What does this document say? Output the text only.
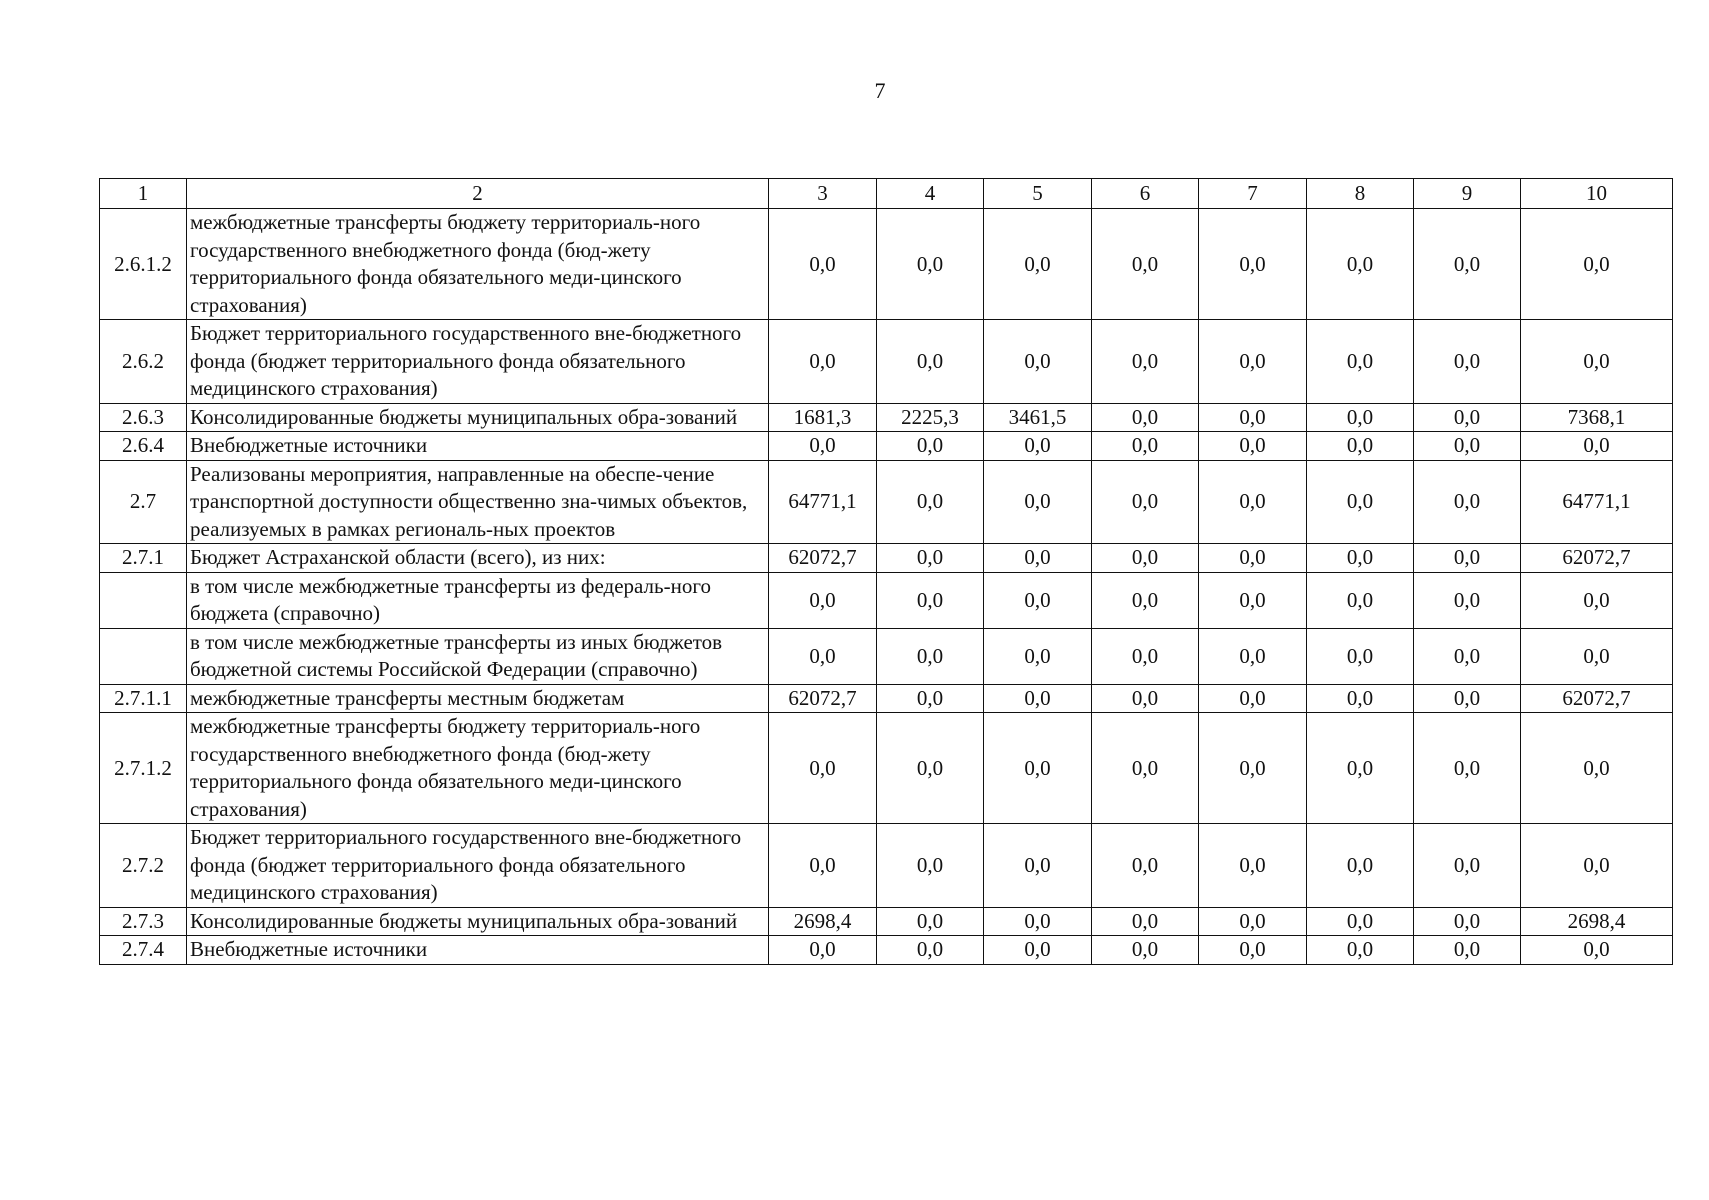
7
1	2	3	4	5	6	7	8	9	10
2.6.1.2	межбюджетные трансферты бюджету территориаль-ного государственного внебюджетного фонда (бюд-жету территориального фонда обязательного меди-цинского страхования)	0,0	0,0	0,0	0,0	0,0	0,0	0,0	0,0
2.6.2	Бюджет территориального государственного вне-бюджетного фонда (бюджет территориального фонда обязательного медицинского страхования)	0,0	0,0	0,0	0,0	0,0	0,0	0,0	0,0
2.6.3	Консолидированные бюджеты муниципальных обра-зований	1681,3	2225,3	3461,5	0,0	0,0	0,0	0,0	7368,1
2.6.4	Внебюджетные источники	0,0	0,0	0,0	0,0	0,0	0,0	0,0	0,0
2.7	Реализованы мероприятия, направленные на обеспе-чение транспортной доступности общественно зна-чимых объектов, реализуемых в рамках региональ-ных проектов	64771,1	0,0	0,0	0,0	0,0	0,0	0,0	64771,1
2.7.1	Бюджет Астраханской области (всего), из них:	62072,7	0,0	0,0	0,0	0,0	0,0	0,0	62072,7
	в том числе межбюджетные трансферты из федераль-ного бюджета (справочно)	0,0	0,0	0,0	0,0	0,0	0,0	0,0	0,0
	в том числе межбюджетные трансферты из иных бюджетов бюджетной системы Российской Федерации (справочно)	0,0	0,0	0,0	0,0	0,0	0,0	0,0	0,0
2.7.1.1	межбюджетные трансферты местным бюджетам	62072,7	0,0	0,0	0,0	0,0	0,0	0,0	62072,7
2.7.1.2	межбюджетные трансферты бюджету территориаль-ного государственного внебюджетного фонда (бюд-жету территориального фонда обязательного меди-цинского страхования)	0,0	0,0	0,0	0,0	0,0	0,0	0,0	0,0
2.7.2	Бюджет территориального государственного вне-бюджетного фонда (бюджет территориального фонда обязательного медицинского страхования)	0,0	0,0	0,0	0,0	0,0	0,0	0,0	0,0
2.7.3	Консолидированные бюджеты муниципальных обра-зований	2698,4	0,0	0,0	0,0	0,0	0,0	0,0	2698,4
2.7.4	Внебюджетные источники	0,0	0,0	0,0	0,0	0,0	0,0	0,0	0,0
